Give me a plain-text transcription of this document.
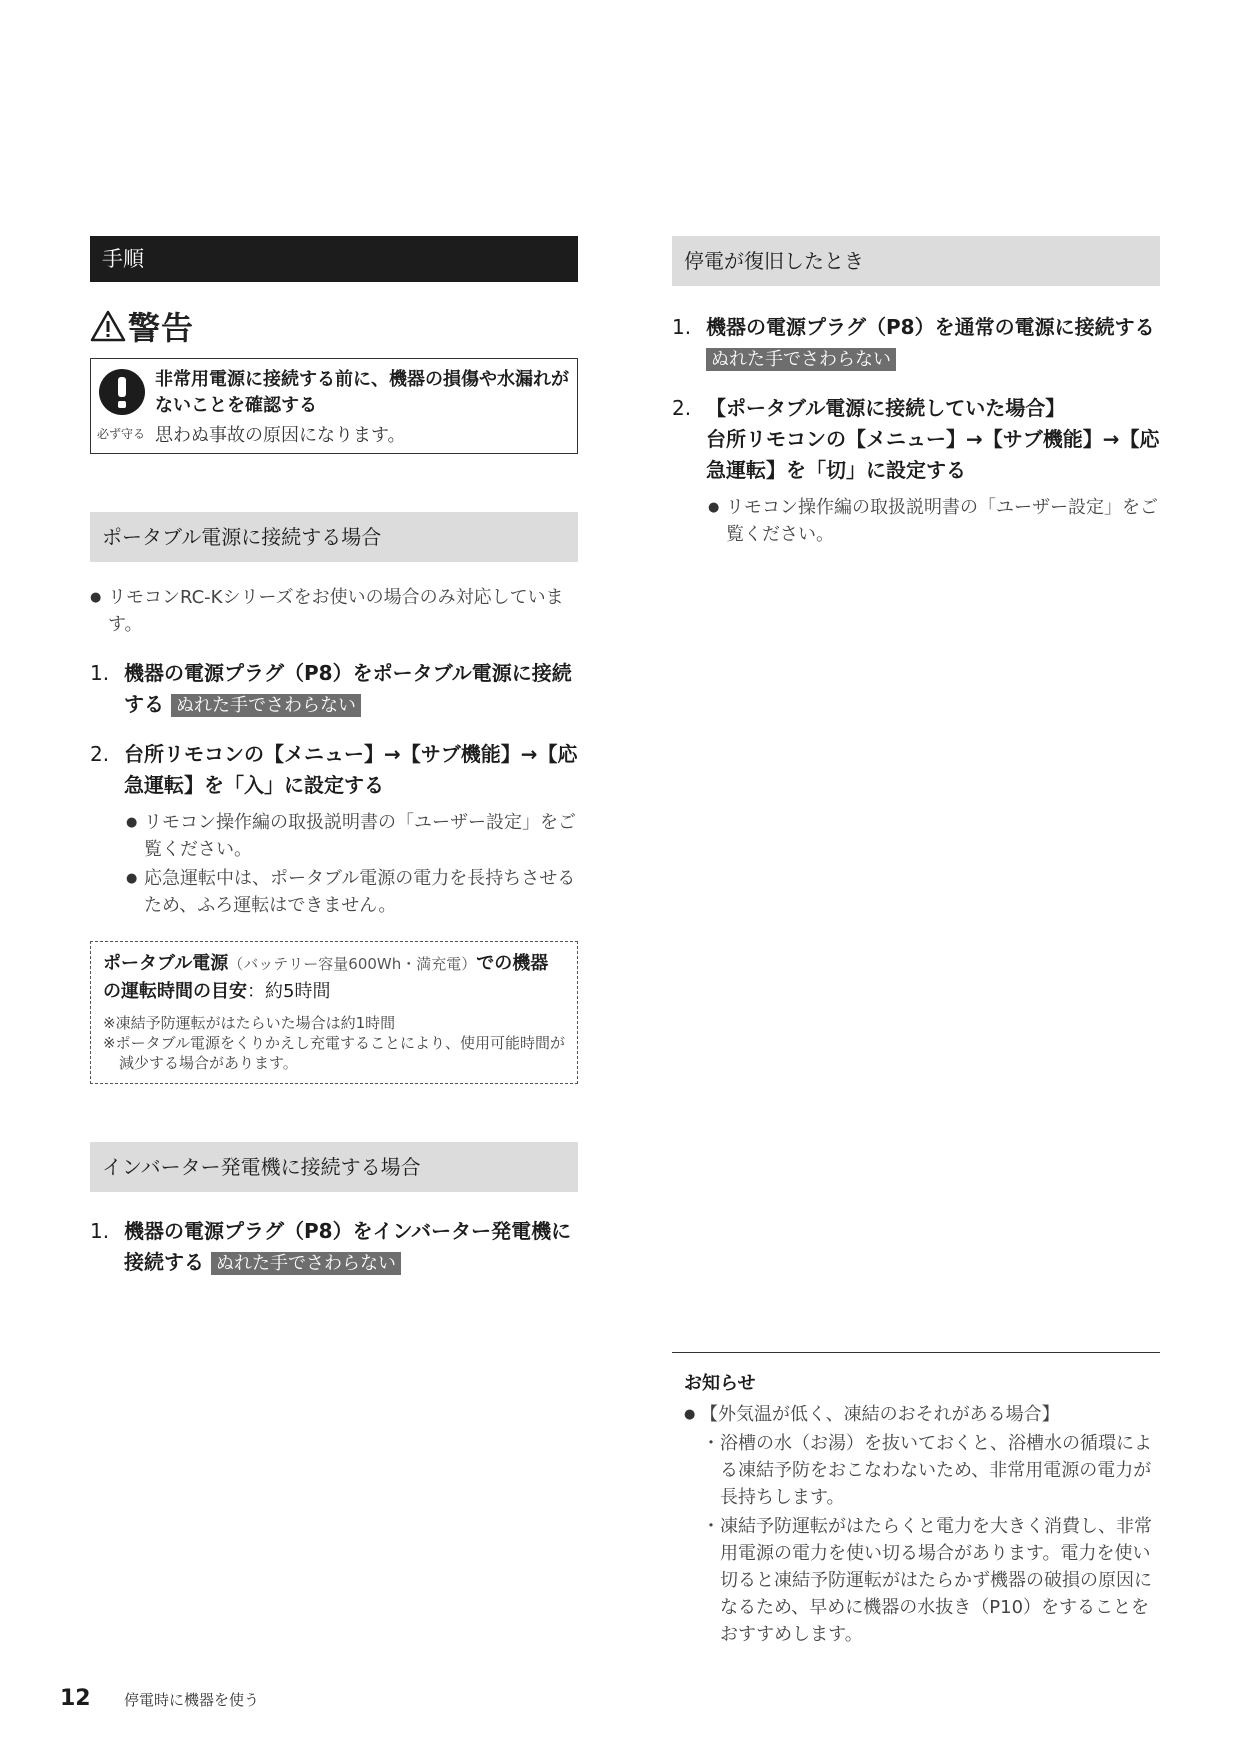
手順
警告
必ず守る
非常用電源に接続する前に、機器の損傷や水漏れがないことを確認する
思わぬ事故の原因になります。
ポータブル電源に接続する場合
● リモコンRC-Kシリーズをお使いの場合のみ対応しています。
1. 機器の電源プラグ（P8）をポータブル電源に接続する ぬれた手でさわらない
2. 台所リモコンの【メニュー】→【サブ機能】→【応急運転】を「入」に設定する
● リモコン操作編の取扱説明書の「ユーザー設定」をご覧ください。
● 応急運転中は、ポータブル電源の電力を長持ちさせるため、ふろ運転はできません。
ポータブル電源（バッテリー容量600Wh・満充電）での機器の運転時間の目安：約5時間
※凍結予防運転がはたらいた場合は約1時間
※ポータブル電源をくりかえし充電することにより、使用可能時間が減少する場合があります。
インバーター発電機に接続する場合
1. 機器の電源プラグ（P8）をインバーター発電機に接続する ぬれた手でさわらない
停電が復旧したとき
1. 機器の電源プラグ（P8）を通常の電源に接続する ぬれた手でさわらない
2. 【ポータブル電源に接続していた場合】
台所リモコンの【メニュー】→【サブ機能】→【応急運転】を「切」に設定する
● リモコン操作編の取扱説明書の「ユーザー設定」をご覧ください。
お知らせ
● 【外気温が低く、凍結のおそれがある場合】
・ 浴槽の水（お湯）を抜いておくと、浴槽水の循環による凍結予防をおこなわないため、非常用電源の電力が長持ちします。
・ 凍結予防運転がはたらくと電力を大きく消費し、非常用電源の電力を使い切る場合があります。電力を使い切ると凍結予防運転がはたらかず機器の破損の原因になるため、早めに機器の水抜き（P10）をすることをおすすめします。
12	停電時に機器を使う
